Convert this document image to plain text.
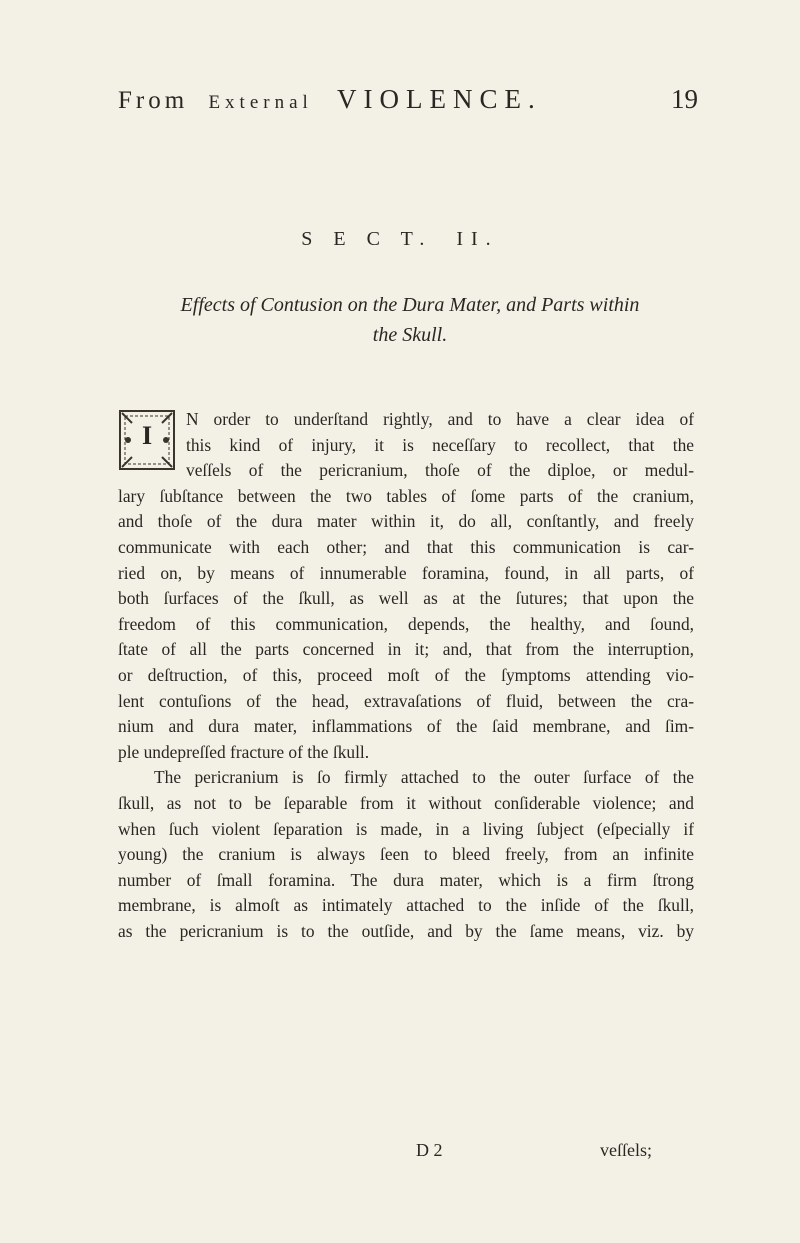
From External VIOLENCE.	19
S E C T. II.
Effects of Contusion on the Dura Mater, and Parts within
the Skull.
I
N order to underſtand rightly, and to have a clear idea of
this kind of injury, it is neceſſary to recollect, that the
veſſels of the pericranium, thoſe of the diploe, or medul-
lary ſubſtance between the two tables of ſome parts of the cranium,
and thoſe of the dura mater within it, do all, conſtantly, and freely
communicate with each other; and that this communication is car-
ried on, by means of innumerable foramina, found, in all parts, of
both ſurfaces of the ſkull, as well as at the ſutures; that upon the
freedom of this communication, depends, the healthy, and ſound,
ſtate of all the parts concerned in it; and, that from the interruption,
or deſtruction, of this, proceed moſt of the ſymptoms attending vio-
lent contuſions of the head, extravaſations of fluid, between the cra-
nium and dura mater, inflammations of the ſaid membrane, and ſim-
ple undepreſſed fracture of the ſkull.
The pericranium is ſo firmly attached to the outer ſurface of the
ſkull, as not to be ſeparable from it without conſiderable violence; and
when ſuch violent ſeparation is made, in a living ſubject (eſpecially if
young) the cranium is always ſeen to bleed freely, from an infinite
number of ſmall foramina. The dura mater, which is a firm ſtrong
membrane, is almoſt as intimately attached to the inſide of the ſkull,
as the pericranium is to the outſide, and by the ſame means, viz. by
D 2	veſſels;
